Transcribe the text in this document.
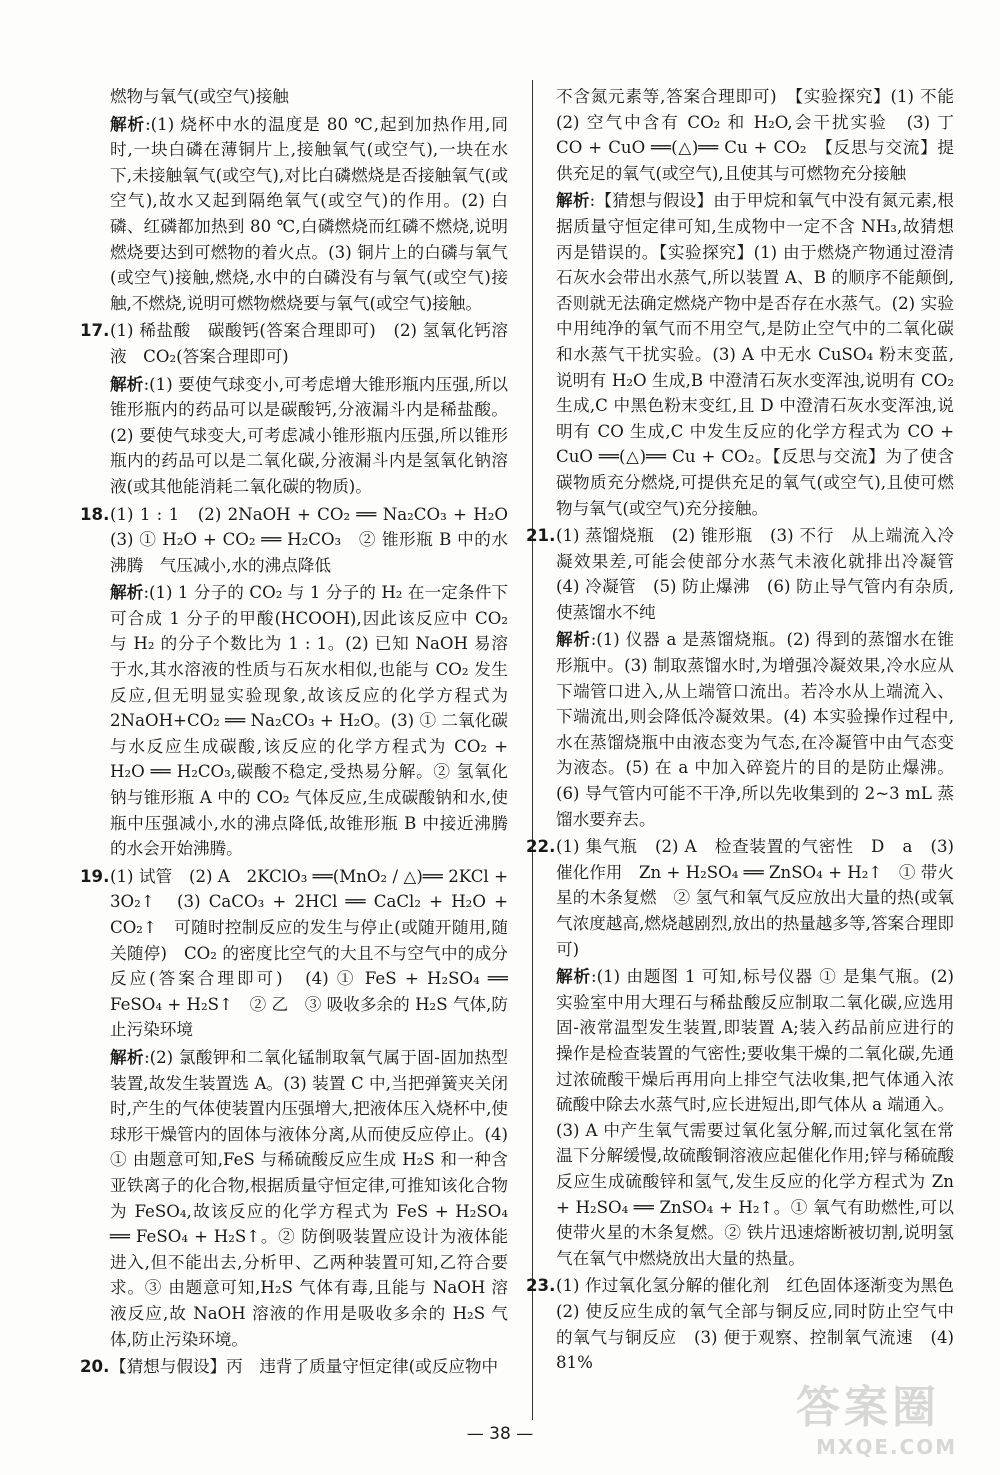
燃物与氧气(或空气)接触
解析:(1) 烧杯中水的温度是 80 ℃,起到加热作用,同时,一块白磷在薄铜片上,接触氧气(或空气),一块在水下,未接触氧气(或空气),对比白磷燃烧是否接触氧气(或空气),故水又起到隔绝氧气(或空气)的作用。(2) 白磷、红磷都加热到 80 ℃,白磷燃烧而红磷不燃烧,说明燃烧要达到可燃物的着火点。(3) 铜片上的白磷与氧气(或空气)接触,燃烧,水中的白磷没有与氧气(或空气)接触,不燃烧,说明可燃物燃烧要与氧气(或空气)接触。
17. (1) 稀盐酸　碳酸钙(答案合理即可)　(2) 氢氧化钙溶液　CO₂(答案合理即可)
解析:(1) 要使气球变小,可考虑增大锥形瓶内压强,所以锥形瓶内的药品可以是碳酸钙,分液漏斗内是稀盐酸。(2) 要使气球变大,可考虑减小锥形瓶内压强,所以锥形瓶内的药品可以是二氧化碳,分液漏斗内是氢氧化钠溶液(或其他能消耗二氧化碳的物质)。
18. (1) 1 : 1　(2) 2NaOH + CO₂ ══ Na₂CO₃ + H₂O　(3) ① H₂O + CO₂ ══ H₂CO₃　② 锥形瓶 B 中的水沸腾　气压减小,水的沸点降低
解析:(1) 1 分子的 CO₂ 与 1 分子的 H₂ 在一定条件下可合成 1 分子的甲酸(HCOOH),因此该反应中 CO₂ 与 H₂ 的分子个数比为 1 : 1。(2) 已知 NaOH 易溶于水,其水溶液的性质与石灰水相似,也能与 CO₂ 发生反应,但无明显实验现象,故该反应的化学方程式为 2NaOH+CO₂ ══ Na₂CO₃ + H₂O。(3) ① 二氧化碳与水反应生成碳酸,该反应的化学方程式为 CO₂ + H₂O ══ H₂CO₃,碳酸不稳定,受热易分解。② 氢氧化钠与锥形瓶 A 中的 CO₂ 气体反应,生成碳酸钠和水,使瓶中压强减小,水的沸点降低,故锥形瓶 B 中接近沸腾的水会开始沸腾。
19. (1) 试管　(2) A　2KClO₃ ══(MnO₂ / △)══ 2KCl + 3O₂↑　(3) CaCO₃ + 2HCl ══ CaCl₂ + H₂O + CO₂↑　可随时控制反应的发生与停止(或随开随用,随关随停)　CO₂ 的密度比空气的大且不与空气中的成分反应(答案合理即可)　(4) ① FeS + H₂SO₄ ══ FeSO₄ + H₂S↑　② 乙　③ 吸收多余的 H₂S 气体,防止污染环境
解析:(2) 氯酸钾和二氧化锰制取氧气属于固-固加热型装置,故发生装置选 A。(3) 装置 C 中,当把弹簧夹关闭时,产生的气体使装置内压强增大,把液体压入烧杯中,使球形干燥管内的固体与液体分离,从而使反应停止。(4) ① 由题意可知,FeS 与稀硫酸反应生成 H₂S 和一种含亚铁离子的化合物,根据质量守恒定律,可推知该化合物为 FeSO₄,故该反应的化学方程式为 FeS + H₂SO₄ ══ FeSO₄ + H₂S↑。② 防倒吸装置应设计为液体能进入,但不能出去,分析甲、乙两种装置可知,乙符合要求。③ 由题意可知,H₂S 气体有毒,且能与 NaOH 溶液反应,故 NaOH 溶液的作用是吸收多余的 H₂S 气体,防止污染环境。
20. 【猜想与假设】丙　违背了质量守恒定律(或反应物中
不含氮元素等,答案合理即可)　【实验探究】(1) 不能　(2) 空气中含有 CO₂ 和 H₂O,会干扰实验　(3) 丁　CO + CuO ══(△)══ Cu + CO₂　【反思与交流】提供充足的氧气(或空气),且使其与可燃物充分接触
解析:【猜想与假设】由于甲烷和氧气中没有氮元素,根据质量守恒定律可知,生成物中一定不含 NH₃,故猜想丙是错误的。【实验探究】(1) 由于燃烧产物通过澄清石灰水会带出水蒸气,所以装置 A、B 的顺序不能颠倒,否则就无法确定燃烧产物中是否存在水蒸气。(2) 实验中用纯净的氧气而不用空气,是防止空气中的二氧化碳和水蒸气干扰实验。(3) A 中无水 CuSO₄ 粉末变蓝,说明有 H₂O 生成,B 中澄清石灰水变浑浊,说明有 CO₂ 生成,C 中黑色粉末变红,且 D 中澄清石灰水变浑浊,说明有 CO 生成,C 中发生反应的化学方程式为 CO + CuO ══(△)══ Cu + CO₂。【反思与交流】为了使含碳物质充分燃烧,可提供充足的氧气(或空气),且使可燃物与氧气(或空气)充分接触。
21. (1) 蒸馏烧瓶　(2) 锥形瓶　(3) 不行　从上端流入冷凝效果差,可能会使部分水蒸气未液化就排出冷凝管　(4) 冷凝管　(5) 防止爆沸　(6) 防止导气管内有杂质,使蒸馏水不纯
解析:(1) 仪器 a 是蒸馏烧瓶。(2) 得到的蒸馏水在锥形瓶中。(3) 制取蒸馏水时,为增强冷凝效果,冷水应从下端管口进入,从上端管口流出。若冷水从上端流入、下端流出,则会降低冷凝效果。(4) 本实验操作过程中,水在蒸馏烧瓶中由液态变为气态,在冷凝管中由气态变为液态。(5) 在 a 中加入碎瓷片的目的是防止爆沸。(6) 导气管内可能不干净,所以先收集到的 2~3 mL 蒸馏水要弃去。
22. (1) 集气瓶　(2) A　检查装置的气密性　D　a　(3) 催化作用　Zn + H₂SO₄ ══ ZnSO₄ + H₂↑　① 带火星的木条复燃　② 氢气和氧气反应放出大量的热(或氧气浓度越高,燃烧越剧烈,放出的热量越多等,答案合理即可)
解析:(1) 由题图 1 可知,标号仪器 ① 是集气瓶。(2) 实验室中用大理石与稀盐酸反应制取二氧化碳,应选用固-液常温型发生装置,即装置 A;装入药品前应进行的操作是检查装置的气密性;要收集干燥的二氧化碳,先通过浓硫酸干燥后再用向上排空气法收集,把气体通入浓硫酸中除去水蒸气时,应长进短出,即气体从 a 端通入。(3) A 中产生氧气需要过氧化氢分解,而过氧化氢在常温下分解缓慢,故硫酸铜溶液应起催化作用;锌与稀硫酸反应生成硫酸锌和氢气,发生反应的化学方程式为 Zn + H₂SO₄ ══ ZnSO₄ + H₂↑。① 氧气有助燃性,可以使带火星的木条复燃。② 铁片迅速熔断被切割,说明氢气在氧气中燃烧放出大量的热量。
23. (1) 作过氧化氢分解的催化剂　红色固体逐渐变为黑色　(2) 使反应生成的氧气全部与铜反应,同时防止空气中的氧气与铜反应　(3) 便于观察、控制氧气流速　(4) 81%
— 38 —
答案圈
MXQE.COM
